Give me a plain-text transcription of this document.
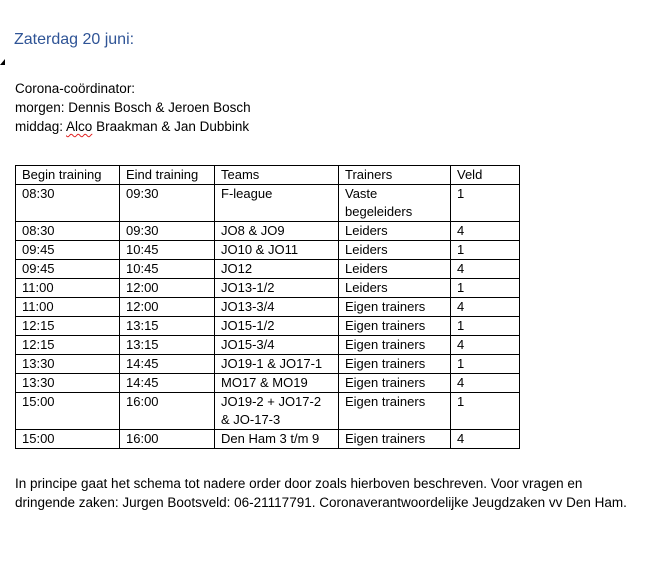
Zaterdag 20 juni:
Corona-coördinator:
morgen: Dennis Bosch & Jeroen Bosch
middag: Alco Braakman & Jan Dubbink
Begin training	Eind training	Teams	Trainers	Veld
08:30	09:30	F-league	Vaste begeleiders	1
08:30	09:30	JO8 & JO9	Leiders	4
09:45	10:45	JO10 & JO11	Leiders	1
09:45	10:45	JO12	Leiders	4
11:00	12:00	JO13-1/2	Leiders	1
11:00	12:00	JO13-3/4	Eigen trainers	4
12:15	13:15	JO15-1/2	Eigen trainers	1
12:15	13:15	JO15-3/4	Eigen trainers	4
13:30	14:45	JO19-1 & JO17-1	Eigen trainers	1
13:30	14:45	MO17 & MO19	Eigen trainers	4
15:00	16:00	JO19-2 + JO17-2 & JO-17-3	Eigen trainers	1
15:00	16:00	Den Ham 3 t/m 9	Eigen trainers	4

In principe gaat het schema tot nadere order door zoals hierboven beschreven. Voor vragen en dringende zaken: Jurgen Bootsveld: 06-21117791. Coronaverantwoordelijke Jeugdzaken vv Den Ham.
